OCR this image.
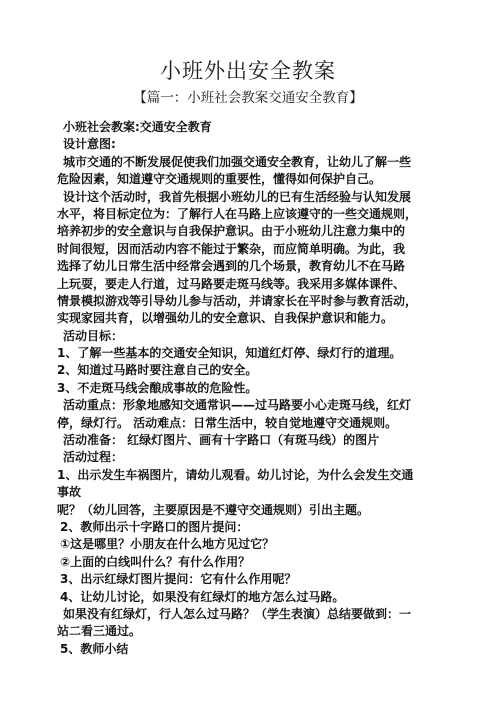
小班外出安全教案
【篇一：小班社会教案交通安全教育】
小班社会教案:交通安全教育
设计意图:
城市交通的不断发展促使我们加强交通安全教育，让幼儿了解一些
危险因素，知道遵守交通规则的重要性，懂得如何保护自己。
设计这个活动时，我首先根据小班幼儿的已有生活经验与认知发展
水平，将目标定位为：了解行人在马路上应该遵守的一些交通规则，
培养初步的安全意识与自我保护意识。由于小班幼儿注意力集中的
时间很短，因而活动内容不能过于繁杂，而应简单明确。为此，我
选择了幼儿日常生活中经常会遇到的几个场景，教育幼儿不在马路
上玩耍，要走人行道，过马路要走斑马线等。我采用多媒体课件、
情景模拟游戏等引导幼儿参与活动，并请家长在平时参与教育活动，
实现家园共育，以增强幼儿的安全意识、自我保护意识和能力。
活动目标：
1、了解一些基本的交通安全知识，知道红灯停、绿灯行的道理。
2、知道过马路时要注意自己的安全。
3、不走斑马线会酿成事故的危险性。
活动重点：形象地感知交通常识——过马路要小心走斑马线，红灯
停，绿灯行。 活动难点：日常生活中，较自觉地遵守交通规则。
活动准备： 红绿灯图片、画有十字路口（有斑马线）的图片
活动过程：
1、出示发生车祸图片，请幼儿观看。幼儿讨论，为什么会发生交通
事故
呢？（幼儿回答，主要原因是不遵守交通规则）引出主题。
2、教师出示十字路口的图片提问：
①这是哪里？小朋友在什么地方见过它？
②上面的白线叫什么？有什么作用？
3、出示红绿灯图片提问：它有什么作用呢？
4、让幼儿讨论，如果没有红绿灯的地方怎么过马路。
如果没有红绿灯，行人怎么过马路？（学生表演）总结要做到：一
站二看三通过。
5、教师小结
